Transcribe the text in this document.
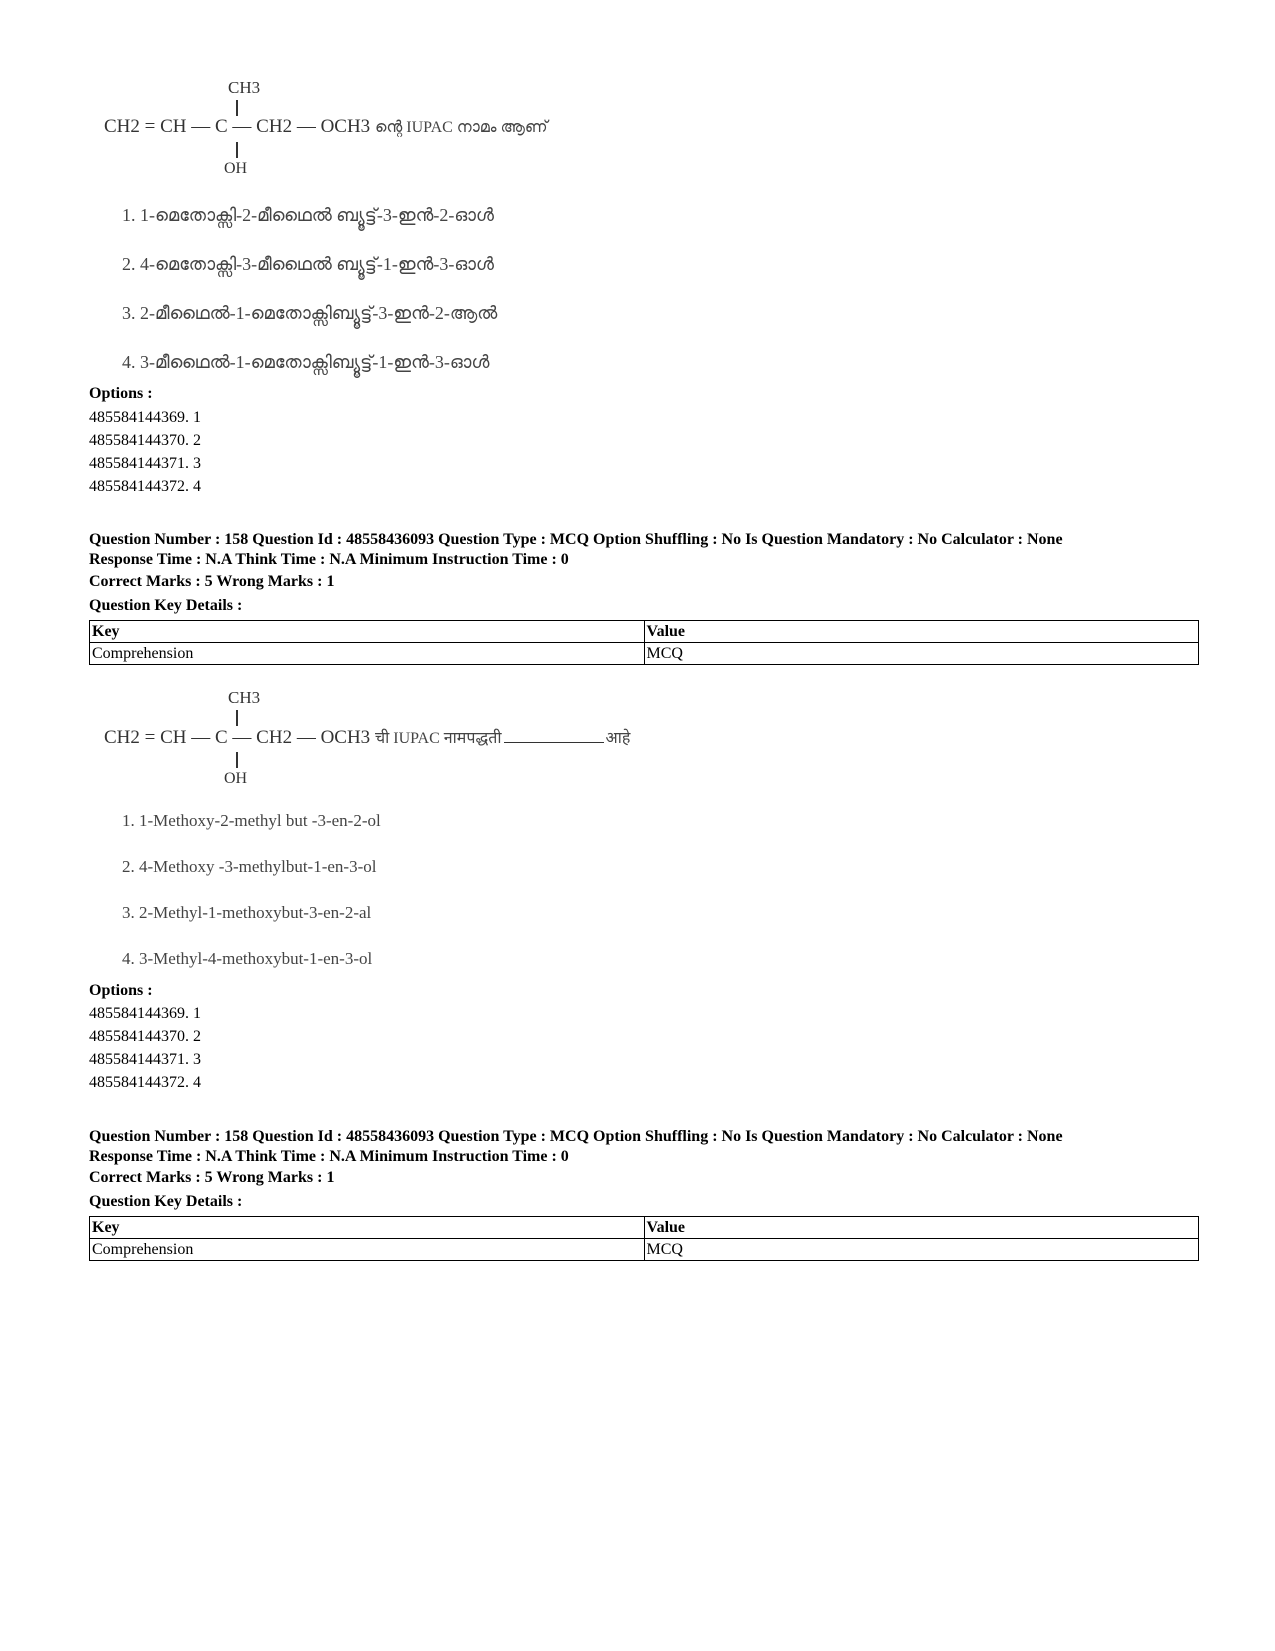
CH3
CH2 = CH — C — CH2 — OCH3 ന്റെ IUPAC നാമം ആണ്
OH
1. 1-മെതോക്സി-2-മീഥൈൽ ബ്യൂട്ട്-3-ഇൻ-2-ഓൾ
2. 4-മെതോക്സി-3-മീഥൈൽ ബ്യൂട്ട്-1-ഇൻ-3-ഓൾ
3. 2-മീഥൈൽ-1-മെതോക്സിബ്യൂട്ട്-3-ഇൻ-2-ആൽ
4. 3-മീഥൈൽ-1-മെതോക്സിബ്യൂട്ട്-1-ഇൻ-3-ഓൾ
Options :
485584144369. 1
485584144370. 2
485584144371. 3
485584144372. 4
Question Number : 158 Question Id : 48558436093 Question Type : MCQ Option Shuffling : No Is Question Mandatory : No Calculator : None
Response Time : N.A Think Time : N.A Minimum Instruction Time : 0
Correct Marks : 5 Wrong Marks : 1
Question Key Details :
Key	Value
Comprehension	MCQ
CH3
CH2 = CH — C — CH2 — OCH3 ची IUPAC नामपद्धती	आहे
OH
1. 1-Methoxy-2-methyl but -3-en-2-ol
2. 4-Methoxy -3-methylbut-1-en-3-ol
3. 2-Methyl-1-methoxybut-3-en-2-al
4. 3-Methyl-4-methoxybut-1-en-3-ol
Options :
485584144369. 1
485584144370. 2
485584144371. 3
485584144372. 4
Question Number : 158 Question Id : 48558436093 Question Type : MCQ Option Shuffling : No Is Question Mandatory : No Calculator : None
Response Time : N.A Think Time : N.A Minimum Instruction Time : 0
Correct Marks : 5 Wrong Marks : 1
Question Key Details :
Key	Value
Comprehension	MCQ
